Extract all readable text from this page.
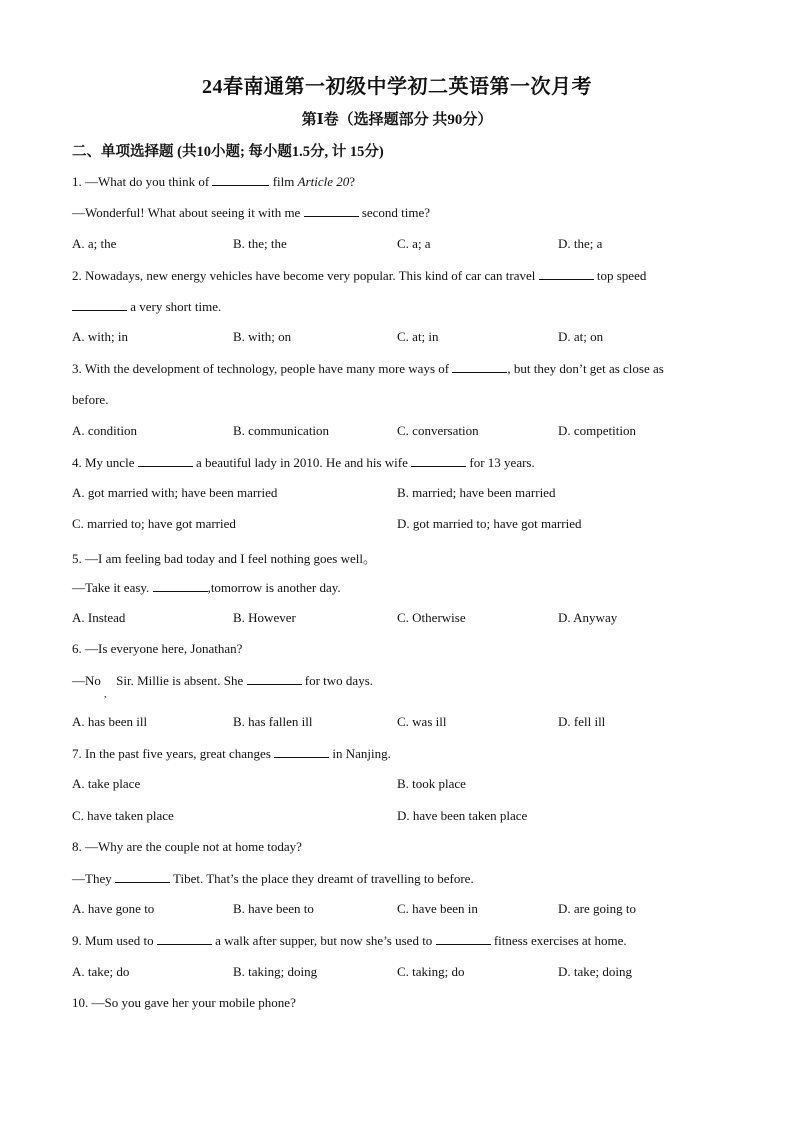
24春南通第一初级中学初二英语第一次月考
第Ⅰ卷（选择题部分 共90分）
二、单项选择题 (共10小题; 每小题1.5分, 计 15分)
1. —What do you think of	film Article 20?
—Wonderful! What about seeing it with me	second time?
A. a; the	B. the; the	C. a; a	D. the; a
2. Nowadays, new energy vehicles have become very popular. This kind of car can travel	top speed
a very short time.
A. with; in	B. with; on	C. at; in	D. at; on
3. With the development of technology, people have many more ways of	, but they don’t get as close as
before.
A. condition	B. communication	C. conversation	D. competition
4. My uncle	a beautiful lady in 2010. He and his wife	for 13 years.
A. got married with; have been married	B. married; have been married
C. married to; have got married	D. got married to; have got married
5. —I am feeling bad today and I feel nothing goes well。
—Take it easy.	,tomorrow is another day.
A. Instead	B. However	C. Otherwise	D. Anyway
6. —Is everyone here, Jonathan?
—No Sir. Millie is absent. She	for two days.
,
A. has been ill	B. has fallen ill	C. was ill	D. fell ill
7. In the past five years, great changes	in Nanjing.
A. take place	B. took place
C. have taken place	D. have been taken place
8. —Why are the couple not at home today?
—They	Tibet. That’s the place they dreamt of travelling to before.
A. have gone to	B. have been to	C. have been in	D. are going to
9. Mum used to	a walk after supper, but now she’s used to	fitness exercises at home.
A. take; do	B. taking; doing	C. taking; do	D. take; doing
10. —So you gave her your mobile phone?
